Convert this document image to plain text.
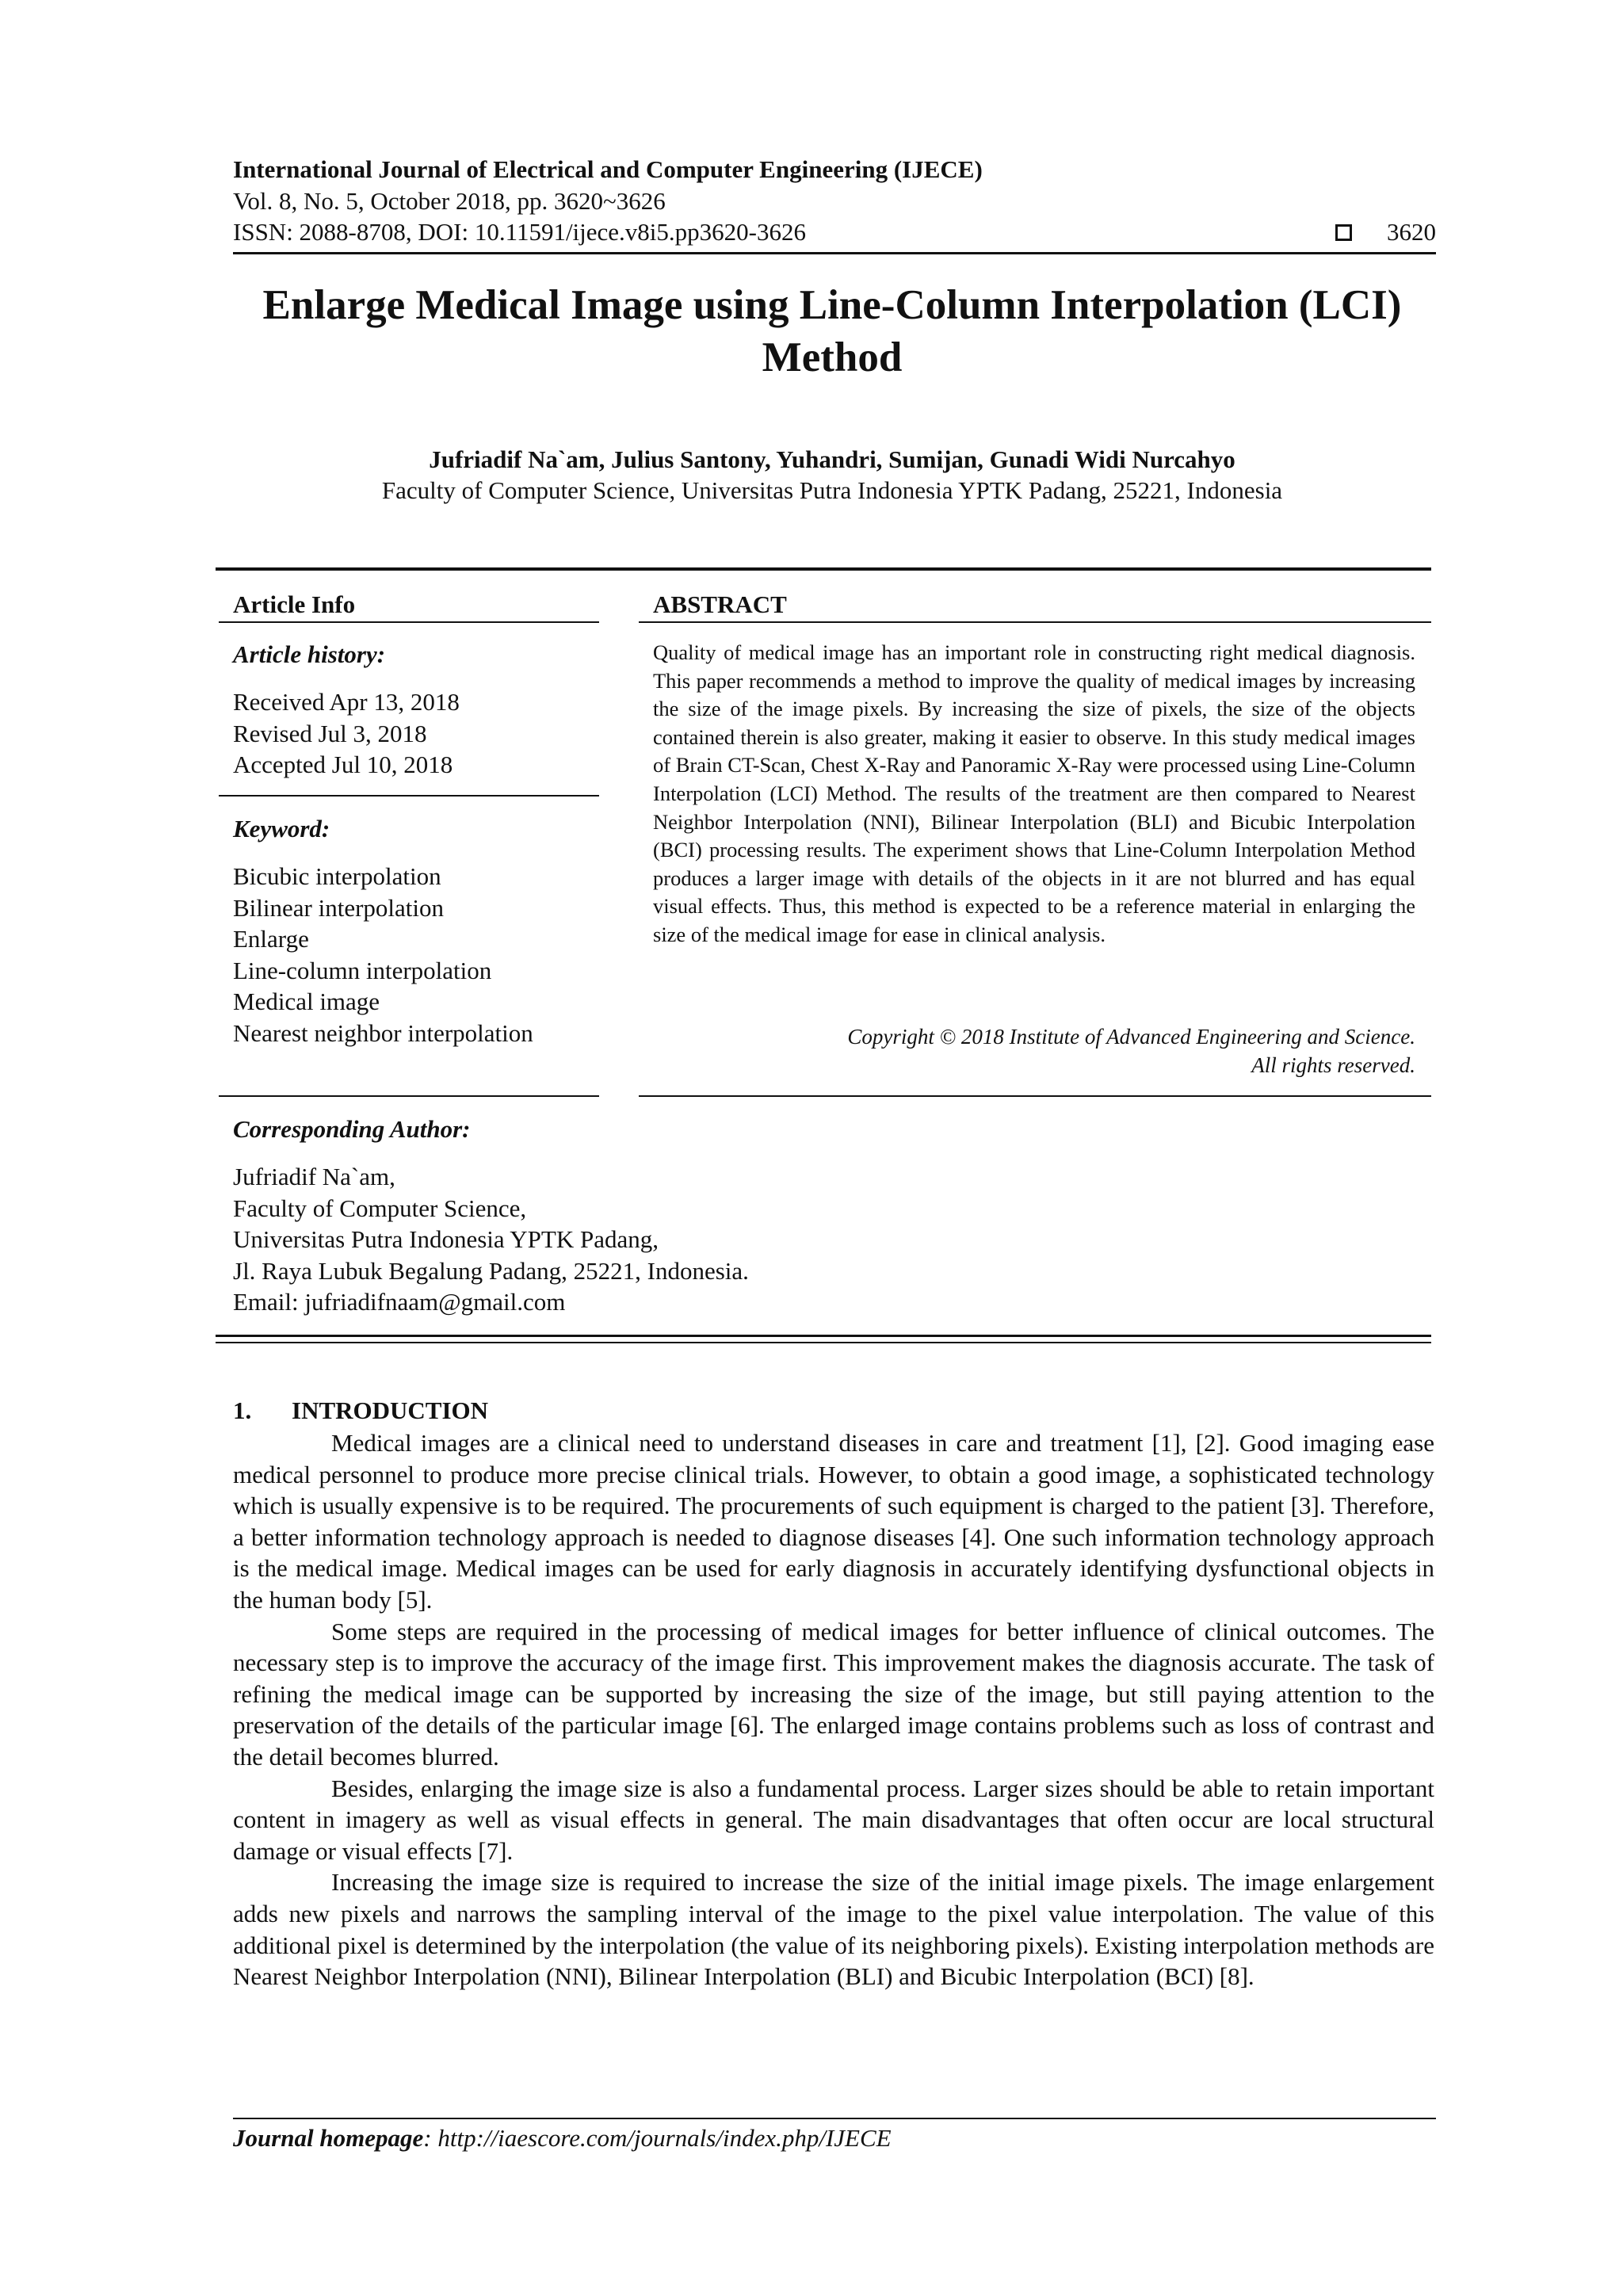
International Journal of Electrical and Computer Engineering (IJECE)
Vol. 8, No. 5, October 2018, pp. 3620~3626
ISSN: 2088-8708, DOI: 10.11591/ijece.v8i5.pp3620-3626	3620
Enlarge Medical Image using Line-Column Interpolation (LCI)
Method
Jufriadif Na`am, Julius Santony, Yuhandri, Sumijan, Gunadi Widi Nurcahyo
Faculty of Computer Science, Universitas Putra Indonesia YPTK Padang, 25221, Indonesia
Article Info	ABSTRACT
Article history:
Received Apr 13, 2018
Revised Jul 3, 2018
Accepted Jul 10, 2018
Keyword:
Bicubic interpolation
Bilinear interpolation
Enlarge
Line-column interpolation
Medical image
Nearest neighbor interpolation
Quality of medical image has an important role in constructing right medical diagnosis. This paper recommends a method to improve the quality of medical images by increasing the size of the image pixels. By increasing the size of pixels, the size of the objects contained therein is also greater, making it easier to observe. In this study medical images of Brain CT-Scan, Chest X-Ray and Panoramic X-Ray were processed using Line-Column Interpolation (LCI) Method. The results of the treatment are then compared to Nearest Neighbor Interpolation (NNI), Bilinear Interpolation (BLI) and Bicubic Interpolation (BCI) processing results. The experiment shows that Line-Column Interpolation Method produces a larger image with details of the objects in it are not blurred and has equal visual effects. Thus, this method is expected to be a reference material in enlarging the size of the medical image for ease in clinical analysis.
Copyright © 2018 Institute of Advanced Engineering and Science.
All rights reserved.
Corresponding Author:
Jufriadif Na`am,
Faculty of Computer Science,
Universitas Putra Indonesia YPTK Padang,
Jl. Raya Lubuk Begalung Padang, 25221, Indonesia.
Email: jufriadifnaam@gmail.com
1. INTRODUCTION

Medical images are a clinical need to understand diseases in care and treatment [1], [2]. Good imaging ease medical personnel to produce more precise clinical trials. However, to obtain a good image, a sophisticated technology which is usually expensive is to be required. The procurements of such equipment is charged to the patient [3]. Therefore, a better information technology approach is needed to diagnose diseases [4]. One such information technology approach is the medical image. Medical images can be used for early diagnosis in accurately identifying dysfunctional objects in the human body [5].

Some steps are required in the processing of medical images for better influence of clinical outcomes. The necessary step is to improve the accuracy of the image first. This improvement makes the diagnosis accurate. The task of refining the medical image can be supported by increasing the size of the image, but still paying attention to the preservation of the details of the particular image [6]. The enlarged image contains problems such as loss of contrast and the detail becomes blurred.

Besides, enlarging the image size is also a fundamental process. Larger sizes should be able to retain important content in imagery as well as visual effects in general. The main disadvantages that often occur are local structural damage or visual effects [7].

Increasing the image size is required to increase the size of the initial image pixels. The image enlargement adds new pixels and narrows the sampling interval of the image to the pixel value interpolation. The value of this additional pixel is determined by the interpolation (the value of its neighboring pixels). Existing interpolation methods are Nearest Neighbor Interpolation (NNI), Bilinear Interpolation (BLI) and Bicubic Interpolation (BCI) [8].

Journal homepage: http://iaescore.com/journals/index.php/IJECE
